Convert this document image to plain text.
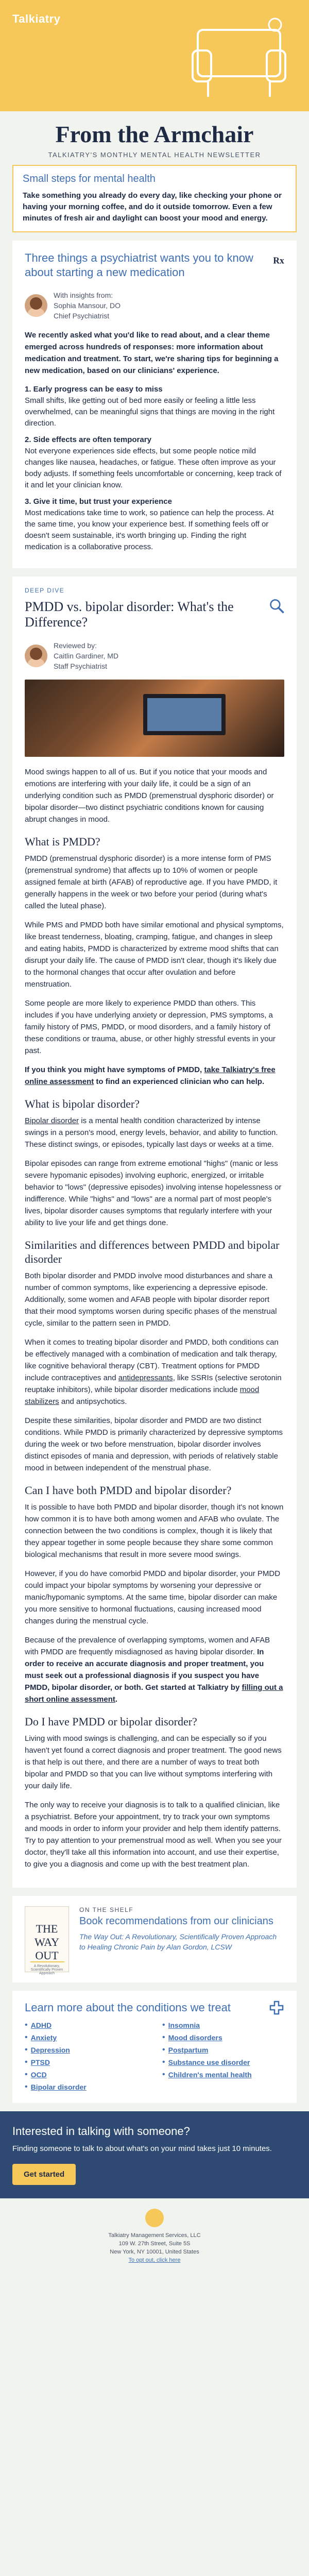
Talkiatry
From the Armchair
TALKIATRY'S MONTHLY MENTAL HEALTH NEWSLETTER
Small steps for mental health

Take something you already do every day, like checking your phone or having your morning coffee, and do it outside tomorrow. Even a few minutes of fresh air and daylight can boost your mood and energy.

Three things a psychiatrist wants you to know about starting a new medication
Rx
With insights from:
Sophia Mansour, DO
Chief Psychiatrist

We recently asked what you'd like to read about, and a clear theme emerged across hundreds of responses: more information about medication and treatment. To start, we're sharing tips for beginning a new medication, based on our clinicians' experience.

1. Early progress can be easy to miss
Small shifts, like getting out of bed more easily or feeling a little less overwhelmed, can be meaningful signs that things are moving in the right direction.
2. Side effects are often temporary
Not everyone experiences side effects, but some people notice mild changes like nausea, headaches, or fatigue. These often improve as your body adjusts. If something feels uncomfortable or concerning, keep track of it and let your clinician know.
3. Give it time, but trust your experience
Most medications take time to work, so patience can help the process. At the same time, you know your experience best. If something feels off or doesn't seem sustainable, it's worth bringing up. Finding the right medication is a collaborative process.
DEEP DIVE
PMDD vs. bipolar disorder: What's the Difference?
Reviewed by:
Caitlin Gardiner, MD
Staff Psychiatrist

Mood swings happen to all of us. But if you notice that your moods and emotions are interfering with your daily life, it could be a sign of an underlying condition such as PMDD (premenstrual dysphoric disorder) or bipolar disorder—two distinct psychiatric conditions known for causing abrupt changes in mood.

What is PMDD?

PMDD (premenstrual dysphoric disorder) is a more intense form of PMS (premenstrual syndrome) that affects up to 10% of women or people assigned female at birth (AFAB) of reproductive age. If you have PMDD, it generally happens in the week or two before your period (during what's called the luteal phase).

While PMS and PMDD both have similar emotional and physical symptoms, like breast tenderness, bloating, cramping, fatigue, and changes in sleep and eating habits, PMDD is characterized by extreme mood shifts that can disrupt your daily life. The cause of PMDD isn't clear, though it's likely due to the hormonal changes that occur after ovulation and before menstruation.

Some people are more likely to experience PMDD than others. This includes if you have underlying anxiety or depression, PMS symptoms, a family history of PMS, PMDD, or mood disorders, and a family history of these conditions or trauma, abuse, or other highly stressful events in your past.

If you think you might have symptoms of PMDD, take Talkiatry's free online assessment to find an experienced clinician who can help.

What is bipolar disorder?

Bipolar disorder is a mental health condition characterized by intense swings in a person's mood, energy levels, behavior, and ability to function. These distinct swings, or episodes, typically last days or weeks at a time.

Bipolar episodes can range from extreme emotional "highs" (manic or less severe hypomanic episodes) involving euphoric, energized, or irritable behavior to "lows" (depressive episodes) involving intense hopelessness or indifference. While "highs" and "lows" are a normal part of most people's lives, bipolar disorder causes symptoms that regularly interfere with your ability to live your life and get things done.

Similarities and differences between PMDD and bipolar disorder

Both bipolar disorder and PMDD involve mood disturbances and share a number of common symptoms, like experiencing a depressive episode. Additionally, some women and AFAB people with bipolar disorder report that their mood symptoms worsen during specific phases of the menstrual cycle, similar to the pattern seen in PMDD.

When it comes to treating bipolar disorder and PMDD, both conditions can be effectively managed with a combination of medication and talk therapy, like cognitive behavioral therapy (CBT). Treatment options for PMDD include contraceptives and antidepressants, like SSRIs (selective serotonin reuptake inhibitors), while bipolar disorder medications include mood stabilizers and antipsychotics.

Despite these similarities, bipolar disorder and PMDD are two distinct conditions. While PMDD is primarily characterized by depressive symptoms during the week or two before menstruation, bipolar disorder involves distinct episodes of mania and depression, with periods of relatively stable mood in between independent of the menstrual phase.

Can I have both PMDD and bipolar disorder?

It is possible to have both PMDD and bipolar disorder, though it's not known how common it is to have both among women and AFAB who ovulate. The connection between the two conditions is complex, though it is likely that they appear together in some people because they share some common biological mechanisms that result in more severe mood swings.

However, if you do have comorbid PMDD and bipolar disorder, your PMDD could impact your bipolar symptoms by worsening your depressive or manic/hypomanic symptoms. At the same time, bipolar disorder can make you more sensitive to hormonal fluctuations, causing increased mood changes during the menstrual cycle.

Because of the prevalence of overlapping symptoms, women and AFAB with PMDD are frequently misdiagnosed as having bipolar disorder. In order to receive an accurate diagnosis and proper treatment, you must seek out a professional diagnosis if you suspect you have PMDD, bipolar disorder, or both. Get started at Talkiatry by filling out a short online assessment.

Do I have PMDD or bipolar disorder?

Living with mood swings is challenging, and can be especially so if you haven't yet found a correct diagnosis and proper treatment. The good news is that help is out there, and there are a number of ways to treat both bipolar and PMDD so that you can live without symptoms interfering with your daily life.

The only way to receive your diagnosis is to talk to a qualified clinician, like a psychiatrist. Before your appointment, try to track your own symptoms and moods in order to inform your provider and help them identify patterns. Try to pay attention to your premenstrual mood as well. When you see your doctor, they'll take all this information into account, and use their expertise, to give you a diagnosis and come up with the best treatment plan.

THE WAY OUT
A Revolutionary, Scientifically Proven Approach
ON THE SHELF
Book recommendations from our clinicians
The Way Out: A Revolutionary, Scientifically Proven Approach to Healing Chronic Pain by Alan Gordon, LCSW
Learn more about the conditions we treat
• ADHD	• Insomnia
• Anxiety	• Mood disorders
• Depression	• Postpartum
• PTSD	• Substance use disorder
• OCD	• Children's mental health
• Bipolar disorder
Interested in talking with someone?

Finding someone to talk to about what's on your mind takes just 10 minutes.

Get started
Talkiatry Management Services, LLC
109 W. 27th Street, Suite 5S
New York, NY 10001, United States
To opt out, click here
